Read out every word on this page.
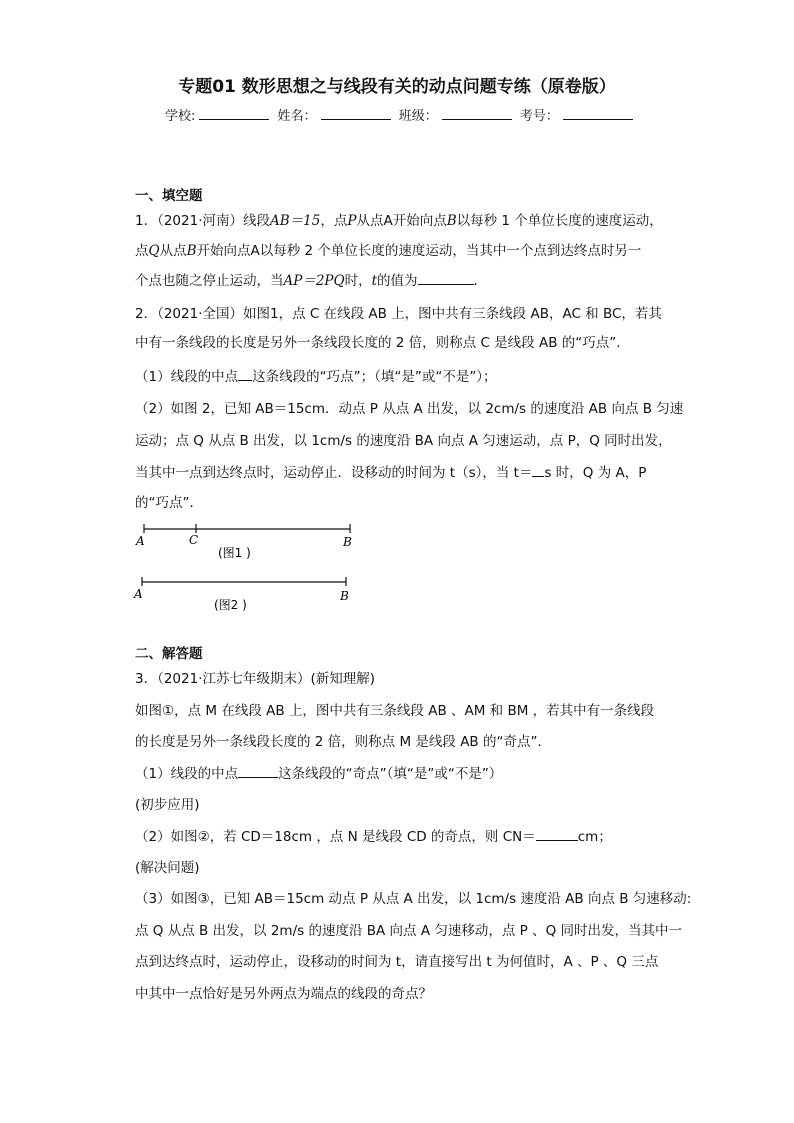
专题01 数形思想之与线段有关的动点问题专练（原卷版）
学校:	姓名：	班级：	考号：
一、填空题
1．（2021·河南）线段AB＝15，点P从点A开始向点B以每秒 1 个单位长度的速度运动，
点Q从点B开始向点A以每秒 2 个单位长度的速度运动，当其中一个点到达终点时另一
个点也随之停止运动，当AP＝2PQ时，t的值为	．
2．（2021·全国）如图1，点 C 在线段 AB 上，图中共有三条线段 AB，AC 和 BC，若其
中有一条线段的长度是另外一条线段长度的 2 倍，则称点 C 是线段 AB 的“巧点”．
（1）线段的中点 这条线段的“巧点”；（填“是”或“不是”）；
（2）如图 2，已知 AB＝15cm．动点 P 从点 A 出发，以 2cm/s 的速度沿 AB 向点 B 匀速
运动；点 Q 从点 B 出发，以 1cm/s 的速度沿 BA 向点 A 匀速运动，点 P，Q 同时出发，
当其中一点到达终点时，运动停止．设移动的时间为 t（s），当 t＝ s 时，Q 为 A，P
的“巧点”．
A	C	B
(图1 )
A	B
(图2 )
二、解答题
3．（2021·江苏七年级期末）(新知理解)
如图①，点 M 在线段 AB 上，图中共有三条线段 AB 、AM 和 BM ，若其中有一条线段
的长度是另外一条线段长度的 2 倍，则称点 M 是线段 AB 的“奇点”．
（1）线段的中点	这条线段的“奇点”（填“是”或“不是”）
(初步应用)
（2）如图②，若 CD＝18cm ，点 N 是线段 CD 的奇点，则 CN＝	cm；
(解决问题)
（3）如图③，已知 AB＝15cm 动点 P 从点 A 出发，以 1cm/s 速度沿 AB 向点 B 匀速移动:
点 Q 从点 B 出发，以 2m/s 的速度沿 BA 向点 A 匀速移动，点 P 、Q 同时出发，当其中一
点到达终点时，运动停止，设移动的时间为 t，请直接写出 t 为何值时，A 、P 、Q 三点
中其中一点恰好是另外两点为端点的线段的奇点？
